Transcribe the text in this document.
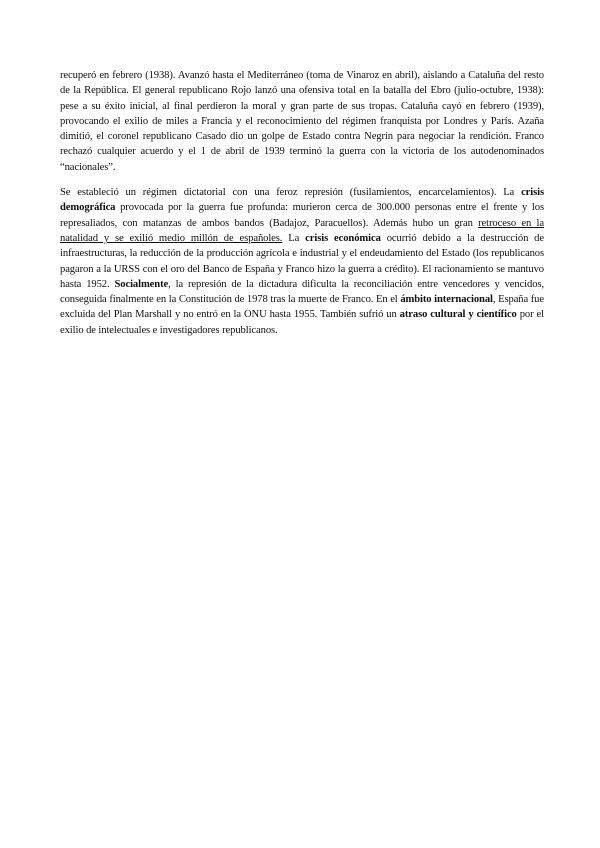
recuperó en febrero (1938). Avanzó hasta el Mediterráneo (toma de Vinaroz en abril), aislando a Cataluña del resto de la República. El general republicano Rojo lanzó una ofensiva total en la batalla del Ebro (julio-octubre, 1938): pese a su éxito inicial, al final perdieron la moral y gran parte de sus tropas. Cataluña cayó en febrero (1939), provocando el exilio de miles a Francia y el reconocimiento del régimen franquista por Londres y París. Azaña dimitió, el coronel republicano Casado dio un golpe de Estado contra Negrín para negociar la rendición. Franco rechazó cualquier acuerdo y el 1 de abril de 1939 terminó la guerra con la victoria de los autodenominados “nacionales”.

Se estableció un régimen dictatorial con una feroz represión (fusilamientos, encarcelamientos). La crisis demográfica provocada por la guerra fue profunda: murieron cerca de 300.000 personas entre el frente y los represaliados, con matanzas de ambos bandos (Badajoz, Paracuellos). Además hubo un gran retroceso en la natalidad y se exilió medio millón de españoles. La crisis económica ocurrió debido a la destrucción de infraestructuras, la reducción de la producción agrícola e industrial y el endeudamiento del Estado (los republicanos pagaron a la URSS con el oro del Banco de España y Franco hizo la guerra a crédito). El racionamiento se mantuvo hasta 1952. Socialmente, la represión de la dictadura dificulta la reconciliación entre vencedores y vencidos, conseguida finalmente en la Constitución de 1978 tras la muerte de Franco. En el ámbito internacional, España fue excluida del Plan Marshall y no entró en la ONU hasta 1955. También sufrió un atraso cultural y científico por el exilio de intelectuales e investigadores republicanos.
